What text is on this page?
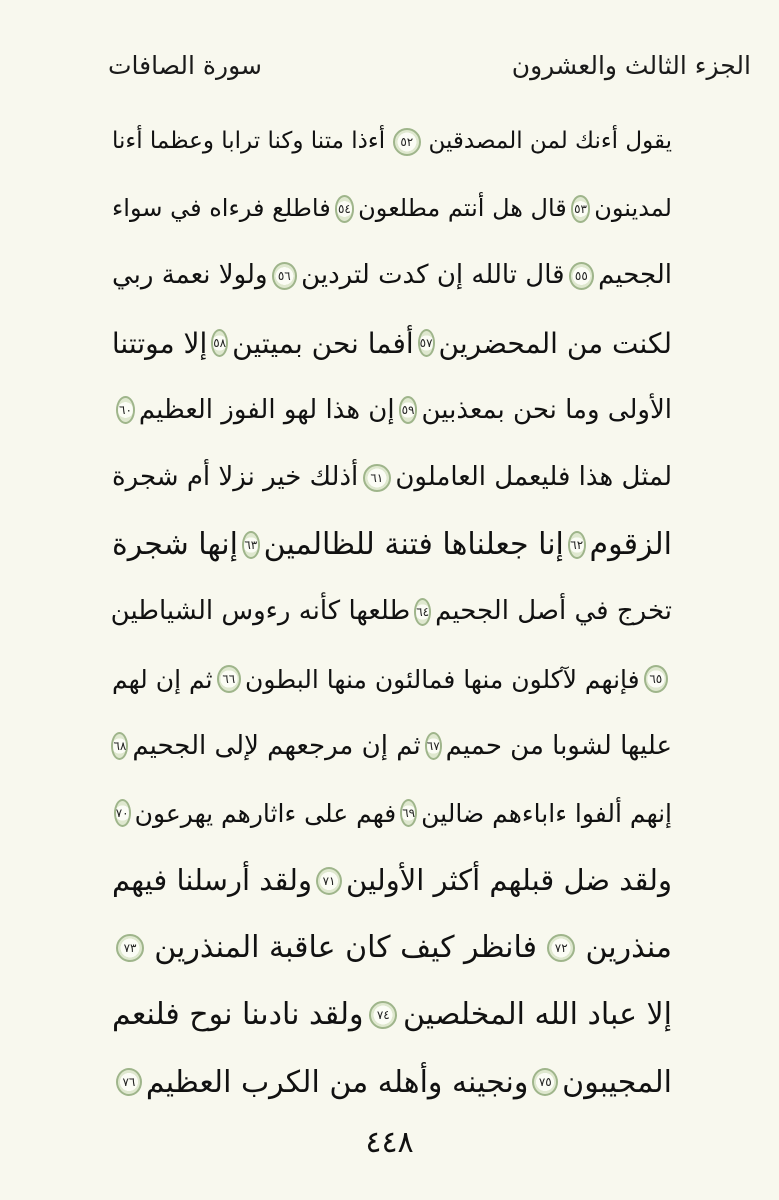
الجزء الثالث والعشرون
سورة الصافات
يقول أءنك لمن المصدقين
٥٢
أءذا متنا وكنا ترابا وعظما أءنا
لمدينون
٥٣
قال هل أنتم مطلعون
٥٤
فاطلع فرءاه في سواء
الجحيم
٥٥
قال تالله إن كدت لتردين
٥٦
ولولا نعمة ربي
لكنت من المحضرين
٥٧
أفما نحن بميتين
٥٨
إلا موتتنا
الأولى وما نحن بمعذبين
٥٩
إن هذا لهو الفوز العظيم
٦٠
لمثل هذا فليعمل العاملون
٦١
أذلك خير نزلا أم شجرة
الزقوم
٦٢
إنا جعلناها فتنة للظالمين
٦٣
إنها شجرة
تخرج في أصل الجحيم
٦٤
طلعها كأنه رءوس الشياطين
٦٥
فإنهم لآكلون منها فمالئون منها البطون
٦٦
ثم إن لهم
عليها لشوبا من حميم
٦٧
ثم إن مرجعهم لإلى الجحيم
٦٨
إنهم ألفوا ءاباءهم ضالين
٦٩
فهم على ءاثارهم يهرعون
٧٠
ولقد ضل قبلهم أكثر الأولين
٧١
ولقد أرسلنا فيهم
منذرين
٧٢
فانظر كيف كان عاقبة المنذرين
٧٣
إلا عباد الله المخلصين
٧٤
ولقد نادىنا نوح فلنعم
المجيبون
٧٥
ونجينه وأهله من الكرب العظيم
٧٦
٤٤٨
